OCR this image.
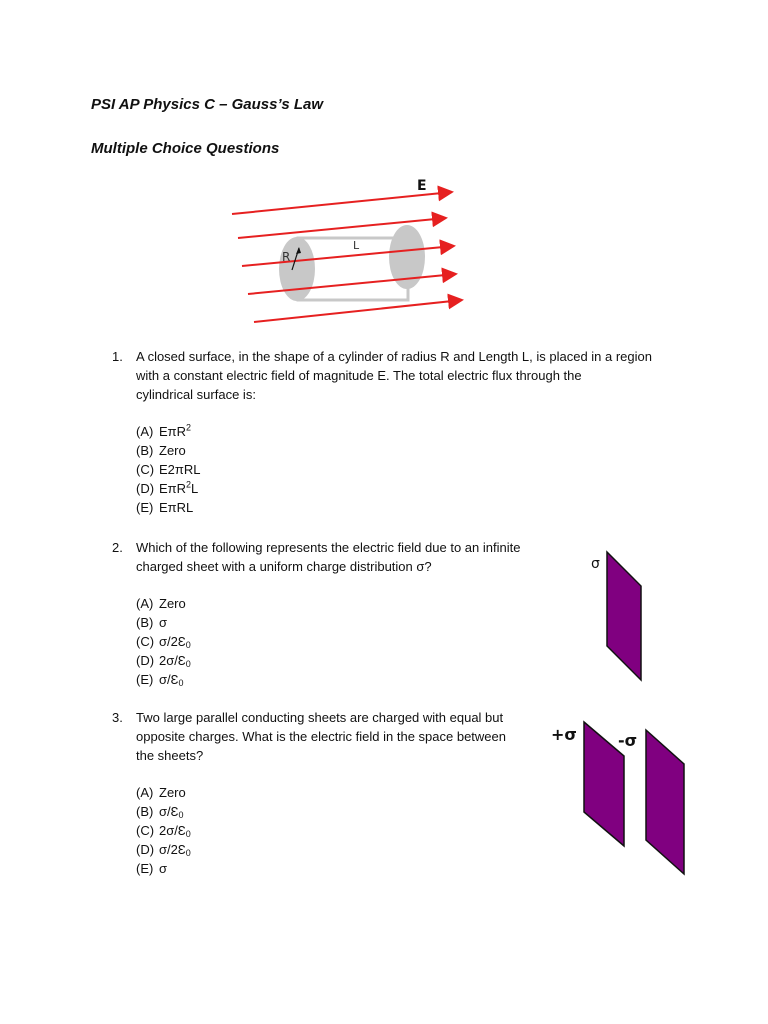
PSI AP Physics C – Gauss’s Law
Multiple Choice Questions
E
R
L
σ
+σ	-σ
1.	A closed surface, in the shape of a cylinder of radius R and Length L, is placed in a region
with a constant electric field of magnitude E. The total electric flux through the
cylindrical surface is:
(A) EπR$^2$
(B) Zero
(C) E2πRL
(D) EπR$^2$L
(E) EπRL
2.	Which of the following represents the electric field due to an infinite
charged sheet with a uniform charge distribution σ?
(A) Zero
(B) σ
(C) σ/2Ɛ0
(D) 2σ/Ɛ0
(E) σ/Ɛ0
3.	Two large parallel conducting sheets are charged with equal but
opposite charges. What is the electric field in the space between
the sheets?
(A) Zero
(B) σ/Ɛ0
(C) 2σ/Ɛ0
(D) σ/2Ɛ0
(E) σ
